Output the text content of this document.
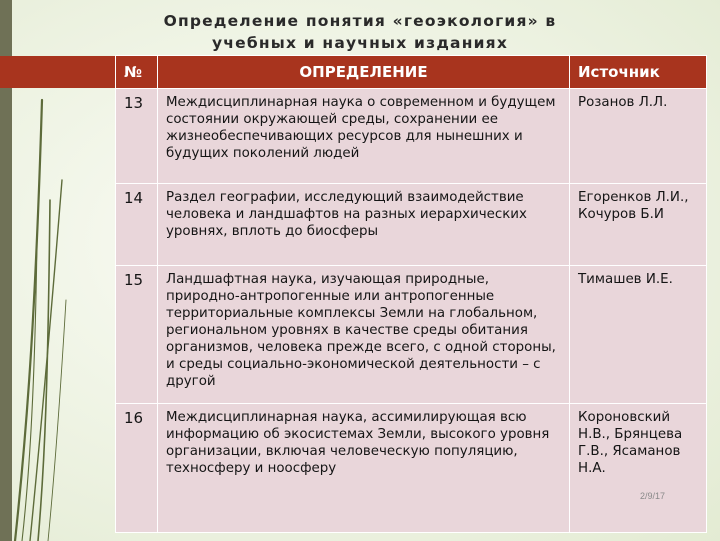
Определение понятия «геоэкология» в
учебных и научных изданиях
№	ОПРЕДЕЛЕНИЕ	Источник
13	Междисциплинарная наука о современном и будущем состоянии окружающей среды, сохранении ее жизнеобеспечивающих ресурсов для нынешних и будущих поколений людей	Розанов Л.Л.
14	Раздел географии, исследующий взаимодействие человека и ландшафтов на разных иерархических уровнях, вплоть до биосферы	Егоренков Л.И., Кочуров Б.И
15	Ландшафтная наука, изучающая природные, природно-антропогенные или антропогенные территориальные комплексы Земли на глобальном, региональном уровнях в качестве среды обитания организмов, человека прежде всего, с одной стороны, и среды социально-экономической деятельности – с другой	Тимашев И.Е.
16	Междисциплинарная наука, ассимилирующая всю информацию об экосистемах Земли, высокого уровня организации, включая человеческую популяцию, техносферу и ноосферу	Короновский Н.В., Брянцева Г.В., Ясаманов Н.А.
2/9/17
